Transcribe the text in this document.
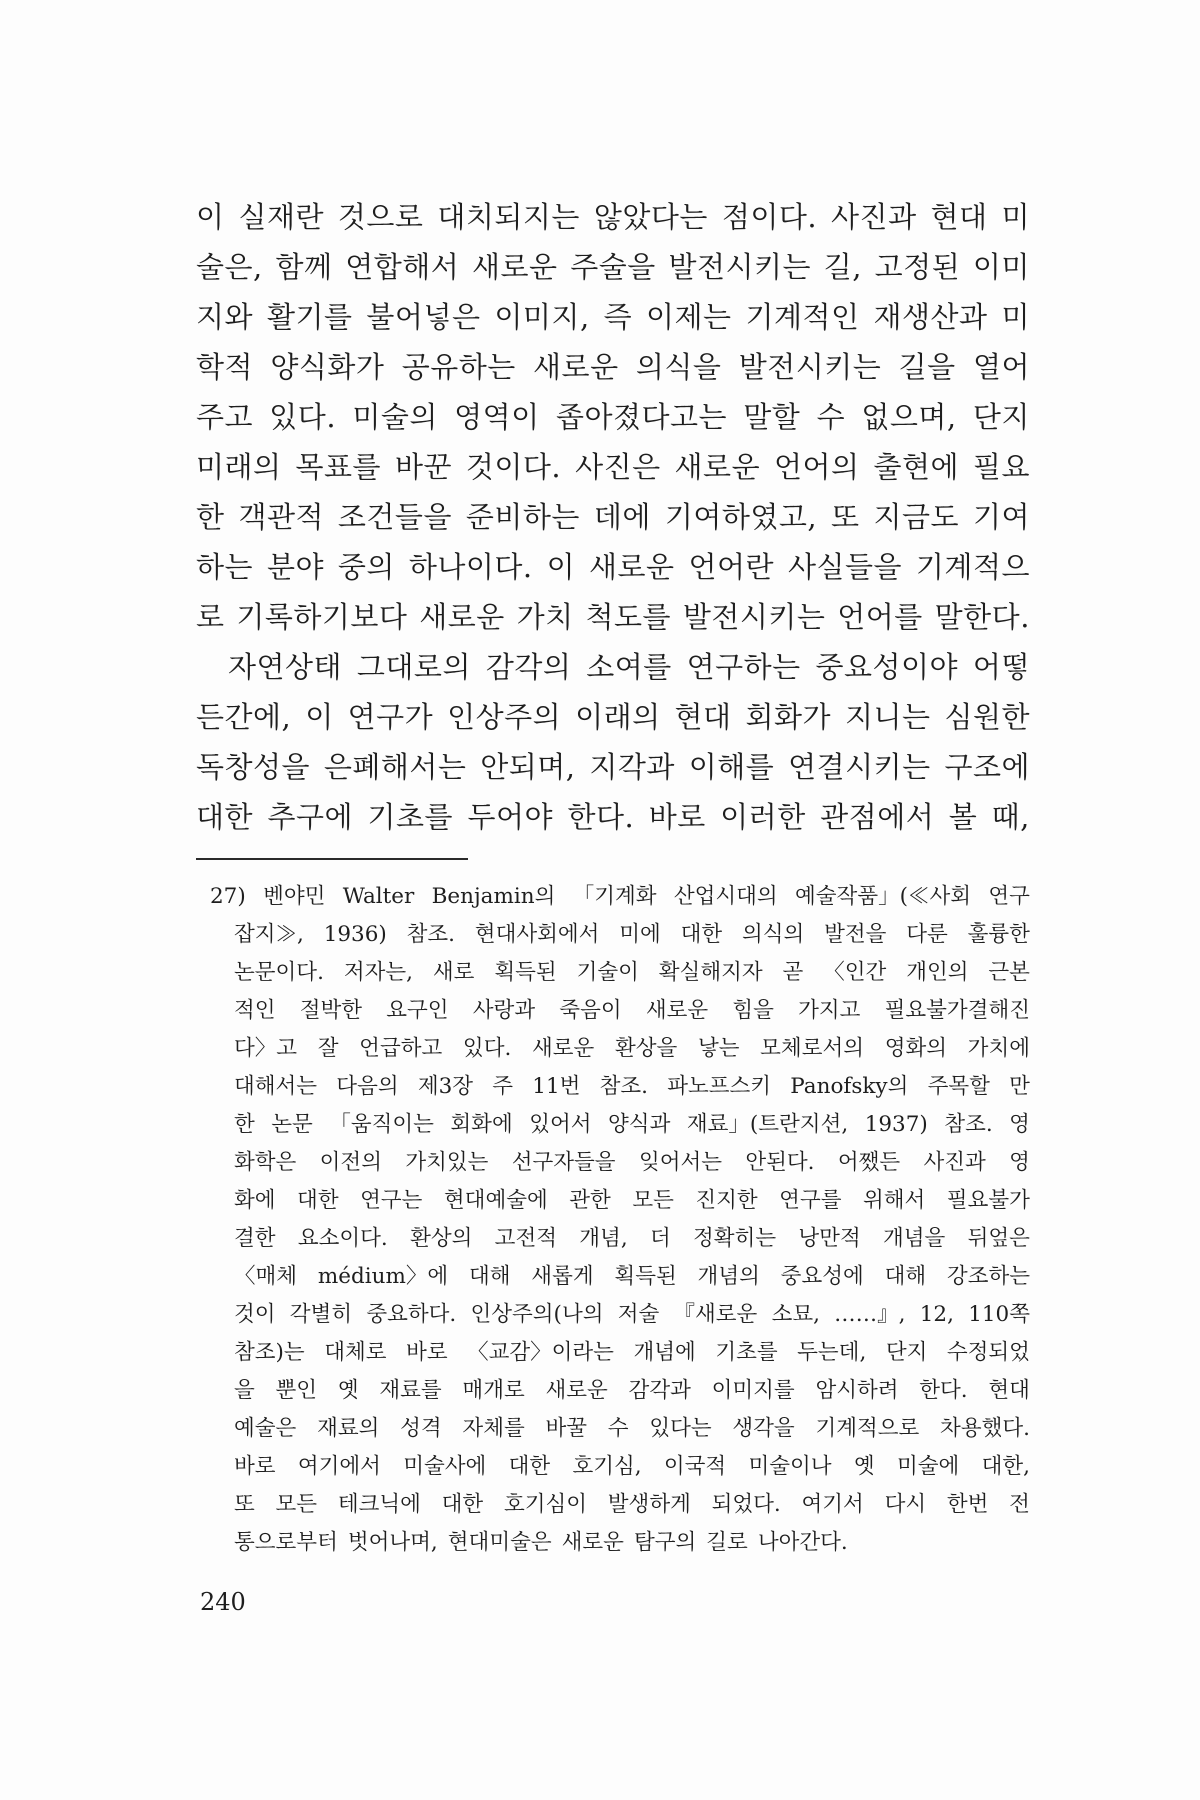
이 실재란 것으로 대치되지는 않았다는 점이다. 사진과 현대 미
술은, 함께 연합해서 새로운 주술을 발전시키는 길, 고정된 이미
지와 활기를 불어넣은 이미지, 즉 이제는 기계적인 재생산과 미
학적 양식화가 공유하는 새로운 의식을 발전시키는 길을 열어
주고 있다. 미술의 영역이 좁아졌다고는 말할 수 없으며, 단지
미래의 목표를 바꾼 것이다. 사진은 새로운 언어의 출현에 필요
한 객관적 조건들을 준비하는 데에 기여하였고, 또 지금도 기여
하는 분야 중의 하나이다. 이 새로운 언어란 사실들을 기계적으
로 기록하기보다 새로운 가치 척도를 발전시키는 언어를 말한다.
자연상태 그대로의 감각의 소여를 연구하는 중요성이야 어떻
든간에, 이 연구가 인상주의 이래의 현대 회화가 지니는 심원한
독창성을 은폐해서는 안되며, 지각과 이해를 연결시키는 구조에
대한 추구에 기초를 두어야 한다. 바로 이러한 관점에서 볼 때,
27) 벤야민 Walter Benjamin의 「기계화 산업시대의 예술작품」(≪사회 연구
잡지≫, 1936) 참조. 현대사회에서 미에 대한 의식의 발전을 다룬 훌륭한
논문이다. 저자는, 새로 획득된 기술이 확실해지자 곧 〈인간 개인의 근본
적인 절박한 요구인 사랑과 죽음이 새로운 힘을 가지고 필요불가결해진
다〉고 잘 언급하고 있다. 새로운 환상을 낳는 모체로서의 영화의 가치에
대해서는 다음의 제3장 주 11번 참조. 파노프스키 Panofsky의 주목할 만
한 논문 「움직이는 회화에 있어서 양식과 재료」(트란지션, 1937) 참조. 영
화학은 이전의 가치있는 선구자들을 잊어서는 안된다. 어쨌든 사진과 영
화에 대한 연구는 현대예술에 관한 모든 진지한 연구를 위해서 필요불가
결한 요소이다. 환상의 고전적 개념, 더 정확히는 낭만적 개념을 뒤엎은
〈매체 médium〉에 대해 새롭게 획득된 개념의 중요성에 대해 강조하는
것이 각별히 중요하다. 인상주의(나의 저술 『새로운 소묘, ……』, 12, 110쪽
참조)는 대체로 바로 〈교감〉이라는 개념에 기초를 두는데, 단지 수정되었
을 뿐인 옛 재료를 매개로 새로운 감각과 이미지를 암시하려 한다. 현대
예술은 재료의 성격 자체를 바꿀 수 있다는 생각을 기계적으로 차용했다.
바로 여기에서 미술사에 대한 호기심, 이국적 미술이나 옛 미술에 대한,
또 모든 테크닉에 대한 호기심이 발생하게 되었다. 여기서 다시 한번 전
통으로부터 벗어나며, 현대미술은 새로운 탐구의 길로 나아간다.
240
